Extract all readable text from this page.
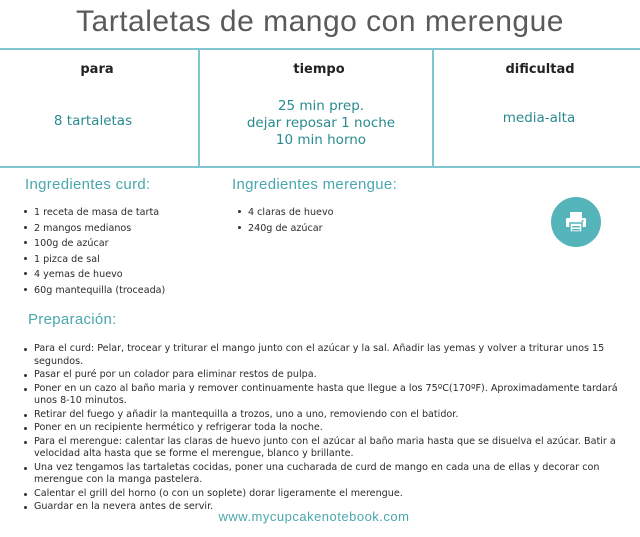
Tartaletas de mango con merengue
para	tiempo	dificultad
8 tartaletas
25 min prep.
dejar reposar 1 noche
10 min horno
media-alta
Ingredientes curd:
1 receta de masa de tarta
2 mangos medianos
100g de azúcar
1 pizca de sal
4 yemas de huevo
60g mantequilla (troceada)
Ingredientes merengue:
4 claras de huevo
240g de azúcar
Preparación:
Para el curd: Pelar, trocear y triturar el mango junto con el azúcar y la sal. Añadir las yemas y volver a triturar unos 15 segundos.
Pasar el puré por un colador para eliminar restos de pulpa.
Poner en un cazo al baño maria y remover continuamente hasta que llegue a los 75ºC(170ºF). Aproximadamente tardará unos 8-10 minutos.
Retirar del fuego y añadir la mantequilla a trozos, uno a uno, removiendo con el batidor.
Poner en un recipiente hermético y refrigerar toda la noche.
Para el merengue: calentar las claras de huevo junto con el azúcar al baño maria hasta que se disuelva el azúcar. Batir a velocidad alta hasta que se forme el merengue, blanco y brillante.
Una vez tengamos las tartaletas cocidas, poner una cucharada de curd de mango en cada una de ellas y decorar con merengue con la manga pastelera.
Calentar el grill del horno (o con un soplete) dorar ligeramente el merengue.
Guardar en la nevera antes de servir.
www.mycupcakenotebook.com
